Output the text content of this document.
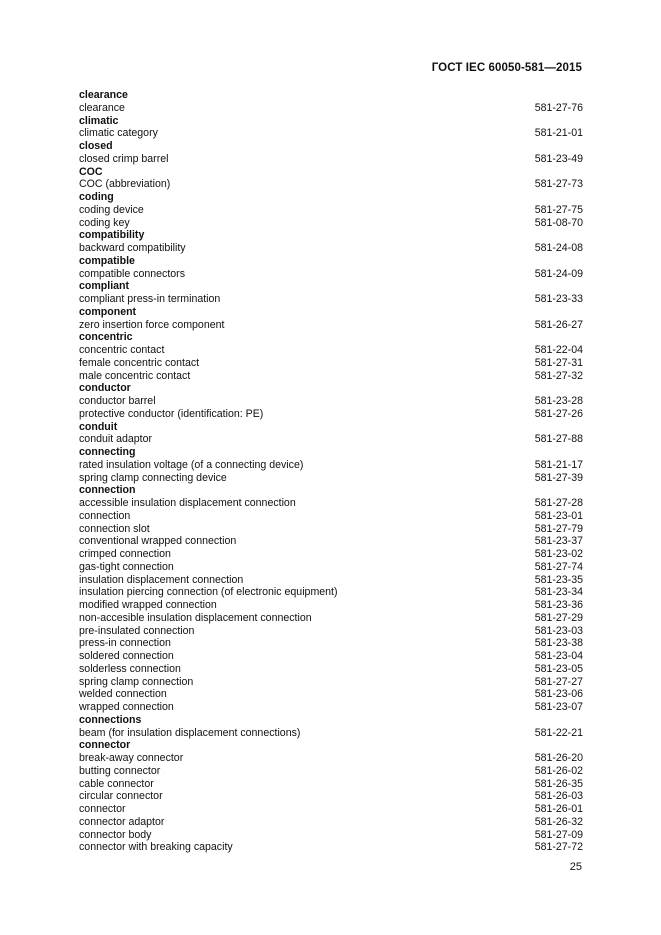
ГОСТ IEC 60050-581—2015
clearance
clearance	581-27-76
climatic
climatic category	581-21-01
closed
closed crimp barrel	581-23-49
COC
COC (abbreviation)	581-27-73
coding
coding device	581-27-75
coding key	581-08-70
compatibility
backward compatibility	581-24-08
compatible
compatible connectors	581-24-09
compliant
compliant press-in termination	581-23-33
component
zero insertion force component	581-26-27
concentric
concentric contact	581-22-04
female concentric contact	581-27-31
male concentric contact	581-27-32
conductor
conductor barrel	581-23-28
protective conductor (identification: PE)	581-27-26
conduit
conduit adaptor	581-27-88
connecting
rated insulation voltage (of a connecting device)	581-21-17
spring clamp connecting device	581-27-39
connection
accessible insulation displacement connection	581-27-28
connection	581-23-01
connection slot	581-27-79
conventional wrapped connection	581-23-37
crimped connection	581-23-02
gas-tight connection	581-27-74
insulation displacement connection	581-23-35
insulation piercing connection (of electronic equipment)	581-23-34
modified wrapped connection	581-23-36
non-accesible insulation displacement connection	581-27-29
pre-insulated connection	581-23-03
press-in connection	581-23-38
soldered connection	581-23-04
solderless connection	581-23-05
spring clamp connection	581-27-27
welded connection	581-23-06
wrapped connection	581-23-07
connections
beam (for insulation displacement connections)	581-22-21
connector
break-away connector	581-26-20
butting connector	581-26-02
cable connector	581-26-35
circular connector	581-26-03
connector	581-26-01
connector adaptor	581-26-32
connector body	581-27-09
connector with breaking capacity	581-27-72
25
